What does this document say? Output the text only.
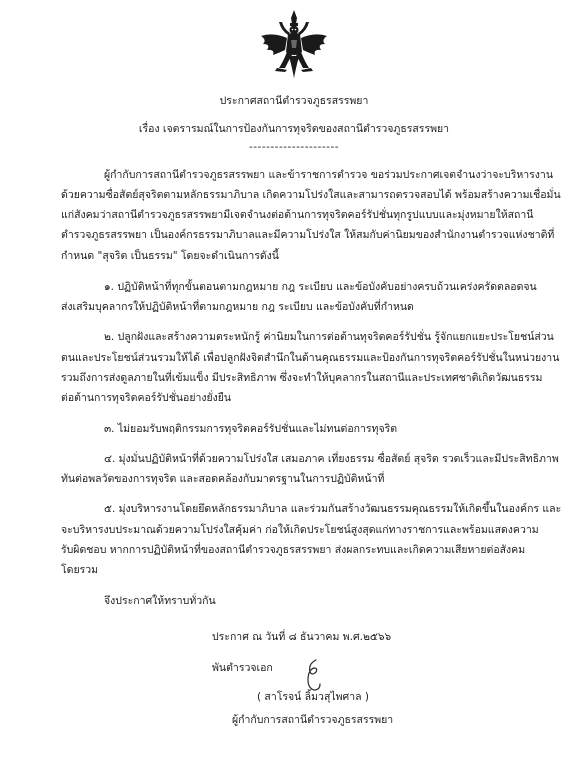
ประกาศสถานีตำรวจภูธรสรรพยา
เรื่อง เจตรารมณ์ในการป้องกันการทุจริตของสถานีตำรวจภูธรสรรพยา
---------------------
ผู้กำกับการสถานีตำรวจภูธรสรรพยา และข้าราชการตำรวจ ขอร่วมประกาศเจตจำนงว่าจะบริหารงาน
ด้วยความซื่อสัตย์สุจริตตามหลักธรรมาภิบาล เกิดความโปร่งใสและสามารถตรวจสอบได้ พร้อมสร้างความเชื่อมั่น
แก่สังคมว่าสถานีตำรวจภูธรสรรพยามีเจตจำนงต่อต้านการทุจริตคอร์รัปชั่นทุกรูปแบบและมุ่งหมายให้สถานี
ตำรวจภูธรสรรพยา เป็นองค์กรธรรมาภิบาลและมีความโปร่งใส ให้สมกับค่านิยมของสำนักงานตำรวจแห่งชาติที่
กำหนด "สุจริต เป็นธรรม" โดยจะดำเนินการดังนี้
๑. ปฏิบัติหน้าที่ทุกขั้นตอนตามกฎหมาย กฎ ระเบียบ และข้อบังคับอย่างครบถ้วนเคร่งครัดตลอดจน
ส่งเสริมบุคลากรให้ปฏิบัติหน้าที่ตามกฎหมาย กฎ ระเบียบ และข้อบังคับที่กำหนด
๒. ปลูกฝังและสร้างความตระหนักรู้ ค่านิยมในการต่อต้านทุจริตคอร์รัปชั่น รู้จักแยกแยะประโยชน์ส่วน
ตนและประโยชน์ส่วนรวมให้ได้ เพื่อปลูกฝังจิตสำนึกในด้านคุณธรรมและป้องกันการทุจริตคอร์รัปชั่นในหน่วยงาน
รวมถึงการส่งดูลภายในที่เข้มแข็ง มีประสิทธิภาพ ซึ่งจะทำให้บุคลากรในสถานีและประเทศชาติเกิดวัฒนธรรม
ต่อต้านการทุจริตคอร์รัปชั่นอย่างยั่งยืน
๓. ไม่ยอมรับพฤติกรรมการทุจริตคอร์รัปชั่นและไม่ทนต่อการทุจริต
๔. มุ่งมั่นปฏิบัติหน้าที่ด้วยความโปร่งใส เสมอภาค เที่ยงธรรม ซื่อสัตย์ สุจริต รวดเร็วและมีประสิทธิภาพ
ทันต่อพลวัตของการทุจริต และสอดคล้องกับมาตรฐานในการปฏิบัติหน้าที่
๕. มุ่งบริหารงานโดยยึดหลักธรรมาภิบาล และร่วมกันสร้างวัฒนธรรมคุณธรรมให้เกิดขึ้นในองค์กร และ
จะบริหารงบประมาณด้วยความโปร่งใสคุ้มค่า ก่อให้เกิดประโยชน์สูงสุดแก่ทางราชการและพร้อมแสดงความ
รับผิดชอบ หากการปฏิบัติหน้าที่ของสถานีตำรวจภูธรสรรพยา ส่งผลกระทบและเกิดความเสียหายต่อสังคม
โดยรวม
จึงประกาศให้ทราบทั่วกัน
ประกาศ ณ วันที่ ๘ ธันวาคม พ.ศ.๒๕๖๖
พันตำรวจเอก
( สาโรจน์ ลิ้มวสุไพศาล )
ผู้กำกับการสถานีตำรวจภูธรสรรพยา
